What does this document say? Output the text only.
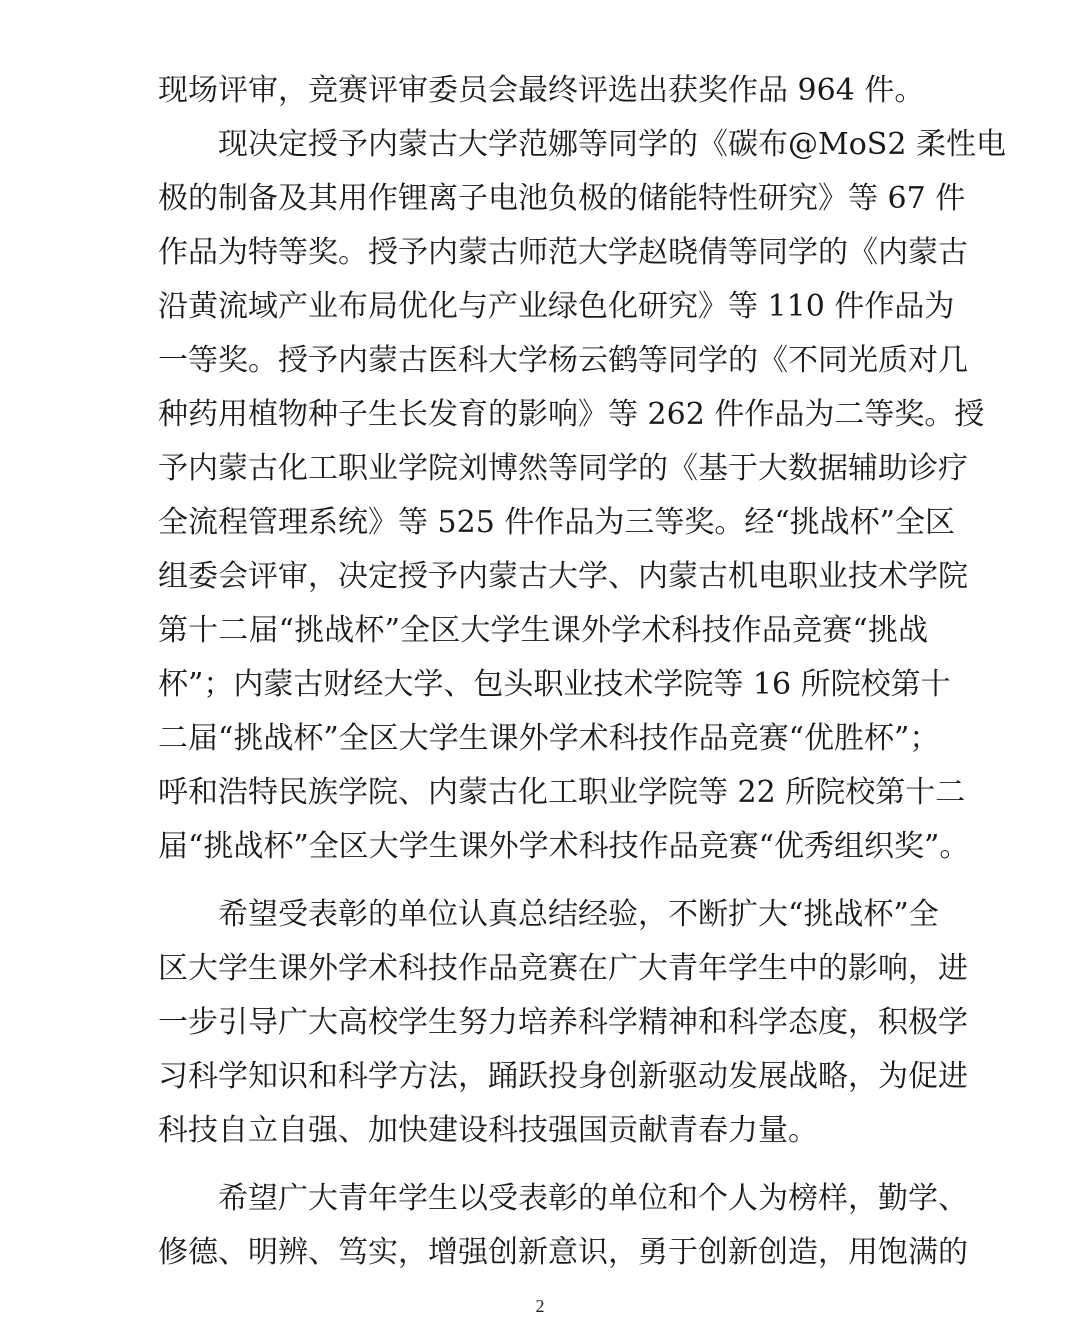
现场评审，竞赛评审委员会最终评选出获奖作品 964 件。
现决定授予内蒙古大学范娜等同学的《碳布@MoS2 柔性电
极的制备及其用作锂离子电池负极的储能特性研究》等 67 件
作品为特等奖。授予内蒙古师范大学赵晓倩等同学的《内蒙古
沿黄流域产业布局优化与产业绿色化研究》等 110 件作品为
一等奖。授予内蒙古医科大学杨云鹤等同学的《不同光质对几
种药用植物种子生长发育的影响》等 262 件作品为二等奖。授
予内蒙古化工职业学院刘博然等同学的《基于大数据辅助诊疗
全流程管理系统》等 525 件作品为三等奖。经“挑战杯”全区
组委会评审，决定授予内蒙古大学、内蒙古机电职业技术学院
第十二届“挑战杯”全区大学生课外学术科技作品竞赛“挑战
杯”；内蒙古财经大学、包头职业技术学院等 16 所院校第十
二届“挑战杯”全区大学生课外学术科技作品竞赛“优胜杯”；
呼和浩特民族学院、内蒙古化工职业学院等 22 所院校第十二
届“挑战杯”全区大学生课外学术科技作品竞赛“优秀组织奖”。
希望受表彰的单位认真总结经验，不断扩大“挑战杯”全
区大学生课外学术科技作品竞赛在广大青年学生中的影响，进
一步引导广大高校学生努力培养科学精神和科学态度，积极学
习科学知识和科学方法，踊跃投身创新驱动发展战略，为促进
科技自立自强、加快建设科技强国贡献青春力量。
希望广大青年学生以受表彰的单位和个人为榜样，勤学、
修德、明辨、笃实，增强创新意识，勇于创新创造，用饱满的
2
